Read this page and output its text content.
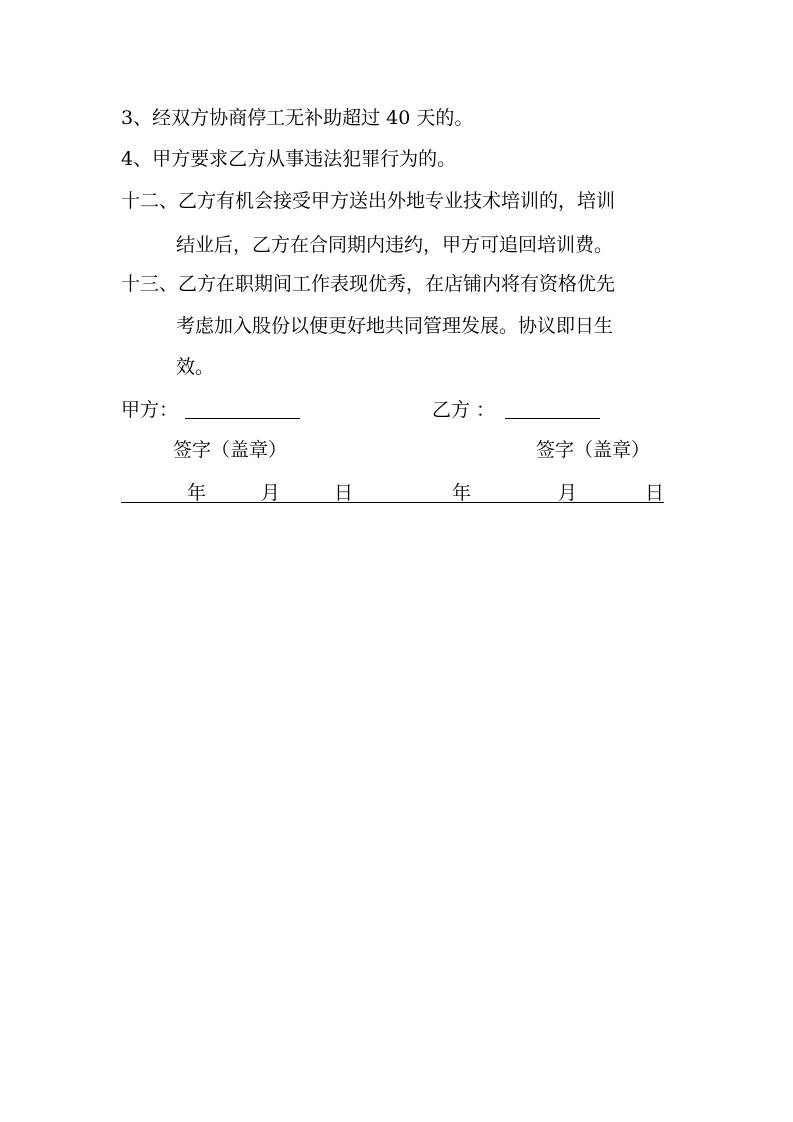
3、经双方协商停工无补助超过 40 天的。
4、甲方要求乙方从事违法犯罪行为的。
十二、乙方有机会接受甲方送出外地专业技术培训的，培训
结业后，乙方在合同期内违约，甲方可追回培训费。
十三、乙方在职期间工作表现优秀，在店铺内将有资格优先
考虑加入股份以便更好地共同管理发展。协议即日生
效。
甲方：	乙方 ：
签字（盖章）	签字（盖章）
年	月	日	年	月	日
